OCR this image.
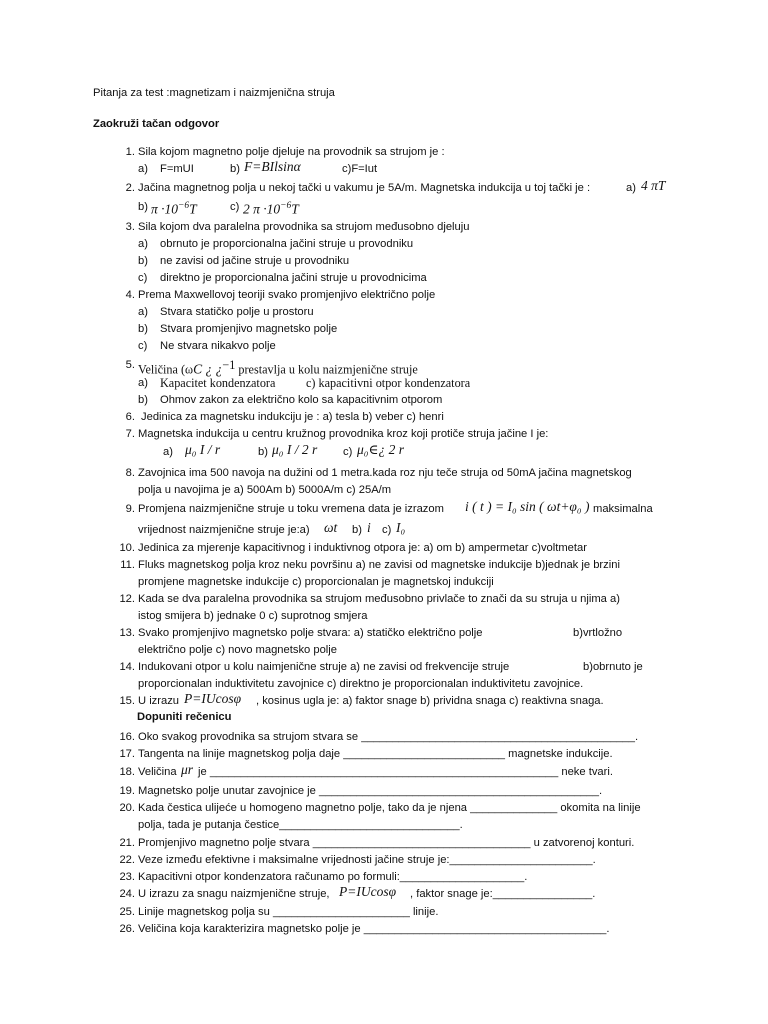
Pitanja za test :magnetizam i naizmjenična struja
Zaokruži tačan odgovor
1. Sila kojom magnetno polje djeluje na provodnik sa strujom je :
a) F=mUI	b) F=BIlsinα	c)F=Iut
2. Jačina magnetnog polja u nekoj tački u vakumu je 5A/m. Magnetska indukcija u toj tački je :	a) 4 πT
b) $\pi \cdot 10^{-6}T$	c) 2 $\pi \cdot 10^{-6}T$
3. Sila kojom dva paralelna provodnika sa strujom međusobno djeluju
a) obrnuto je proporcionalna jačini struje u provodniku
b) ne zavisi od jačine struje u provodniku
c) direktno je proporcionalna jačini struje u provodnicima
4. Prema Maxwellovoj teoriji svako promjenjivo električno polje
a) Stvara statičko polje u prostoru
b) Stvara promjenjivo magnetsko polje
c) Ne stvara nikakvo polje
5. Veličina (ωC ¿ ¿$^{-1}$ prestavlja u kolu naizmjenične struje
a) Kapacitet kondenzatora	c) kapacitivni otpor kondenzatora
b) Ohmov zakon za električno kolo sa kapacitivnim otporom
6. Jedinica za magnetsku indukciju je : a) tesla b) veber c) henri
7. Magnetska indukcija u centru kružnog provodnika kroz koji protiče struja jačine I je:
a) μ₀ I / r	b) μ₀ I / 2 r c) μ₀∈¿ 2 r
8. Zavojnica ima 500 navoja na dužini od 1 metra.kada roz nju teče struja od 50mA jačina magnetskog
polja u navojima je a) 500Am b) 5000A/m c) 25A/m
9. Promjena naizmjenične struje u toku vremena data je izrazom i ( t ) = I₀ sin ( ωt+φ₀ ) maksimalna
vrijednost naizmjenične struje je:a) ωt b) i c) I₀
10. Jedinica za mjerenje kapacitivnog i induktivnog otpora je: a) om b) ampermetar c)voltmetar
11. Fluks magnetskog polja kroz neku površinu a) ne zavisi od magnetske indukcije b)jednak je brzini
promjene magnetske indukcije c) proporcionalan je magnetskoj indukciji
12. Kada se dva paralelna provodnika sa strujom međusobno privlače to znači da su struja u njima a)
istog smijera b) jednake 0 c) suprotnog smjera
13. Svako promjenjivo magnetsko polje stvara: a) statičko električno polje	b)vrtložno
električno polje c) novo magnetsko polje
14. Indukovani otpor u kolu naimjenične struje a) ne zavisi od frekvencije struje	b)obrnuto je
proporcionalan induktivitetu zavojnice c) direktno je proporcionalan induktivitetu zavojnice.
15. U izrazu P=IUcosφ , kosinus ugla je: a) faktor snage b) prividna snaga c) reaktivna snaga.
Dopuniti rečenicu
16. Oko svakog provodnika sa strujom stvara se ____________________________________________.
17. Tangenta na linije magnetskog polja daje __________________________ magnetske indukcije.
18. Veličina μr je ________________________________________________________ neke tvari.
19. Magnetsko polje unutar zavojnice je _____________________________________________.
20. Kada čestica ulijeće u homogeno magnetno polje, tako da je njena ______________ okomita na linije
polja, tada je putanja čestice_____________________________.
21. Promjenjivo magnetno polje stvara ___________________________________ u zatvorenoj konturi.
22. Veze između efektivne i maksimalne vrijednosti jačine struje je:_______________________.
23. Kapacitivni otpor kondenzatora računamo po formuli:____________________.
24. U izrazu za snagu naizmjenične struje, P=IUcosφ , faktor snage je:________________.
25. Linije magnetskog polja su ______________________ linije.
26. Veličina koja karakterizira magnetsko polje je _______________________________________.
